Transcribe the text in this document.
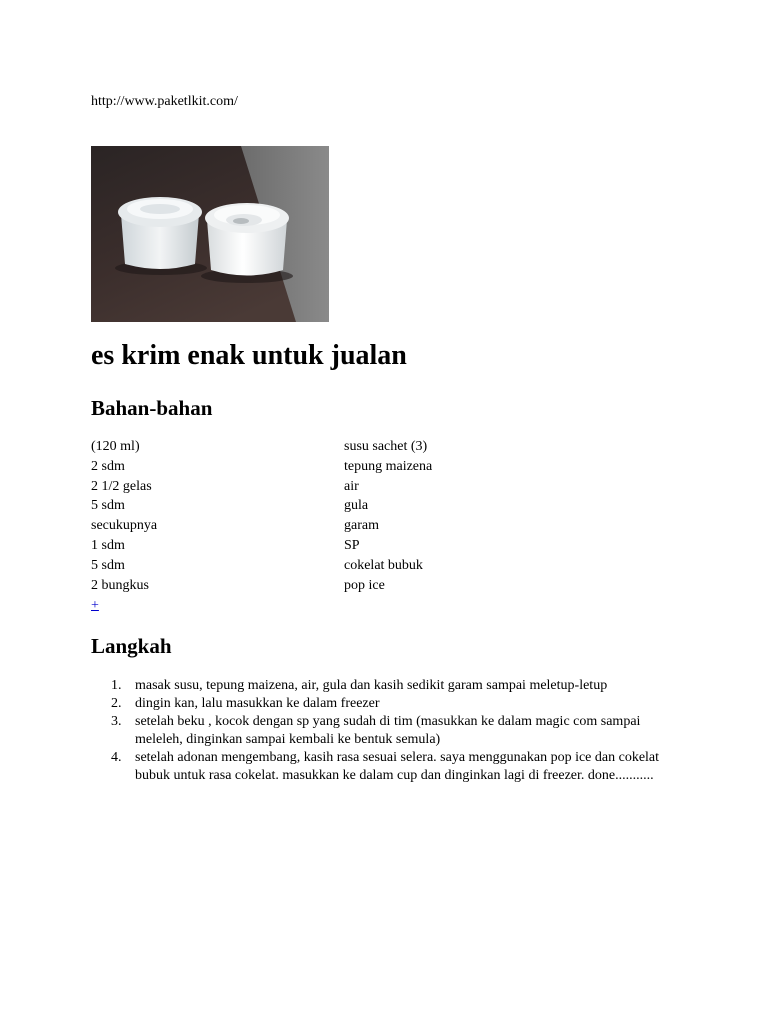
http://www.paketlkit.com/
es krim enak untuk jualan
Bahan-bahan
(120 ml)	susu sachet (3)
2 sdm	tepung maizena
2 1/2 gelas	air
5 sdm	gula
secukupnya	garam
1 sdm	SP
5 sdm	cokelat bubuk
2 bungkus	pop ice
+
Langkah
1. masak susu, tepung maizena, air, gula dan kasih sedikit garam sampai meletup-letup
2. dingin kan, lalu masukkan ke dalam freezer
3. setelah beku , kocok dengan sp yang sudah di tim (masukkan ke dalam magic com sampai meleleh, dinginkan sampai kembali ke bentuk semula)
4. setelah adonan mengembang, kasih rasa sesuai selera. saya menggunakan pop ice dan cokelat bubuk untuk rasa cokelat. masukkan ke dalam cup dan dinginkan lagi di freezer. done...........
